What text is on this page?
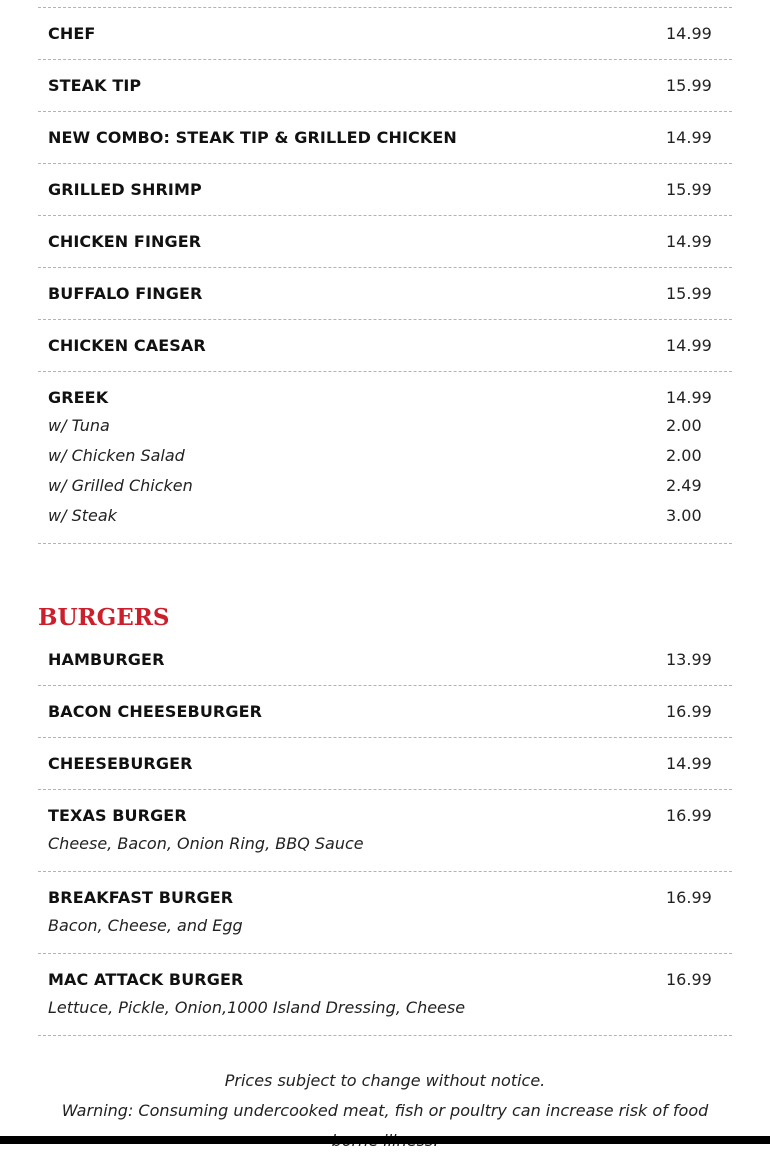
CHEF	14.99
STEAK TIP	15.99
NEW COMBO: STEAK TIP & GRILLED CHICKEN	14.99
GRILLED SHRIMP	15.99
CHICKEN FINGER	14.99
BUFFALO FINGER	15.99
CHICKEN CAESAR	14.99
GREEK	14.99
w/ Tuna	2.00
w/ Chicken Salad	2.00
w/ Grilled Chicken	2.49
w/ Steak	3.00
BURGERS
HAMBURGER	13.99
BACON CHEESEBURGER	16.99
CHEESEBURGER	14.99
TEXAS BURGER	16.99
Cheese, Bacon, Onion Ring, BBQ Sauce
BREAKFAST BURGER	16.99
Bacon, Cheese, and Egg
MAC ATTACK BURGER	16.99
Lettuce, Pickle, Onion,1000 Island Dressing, Cheese
Prices subject to change without notice.
Warning: Consuming undercooked meat, fish or poultry can increase risk of food
